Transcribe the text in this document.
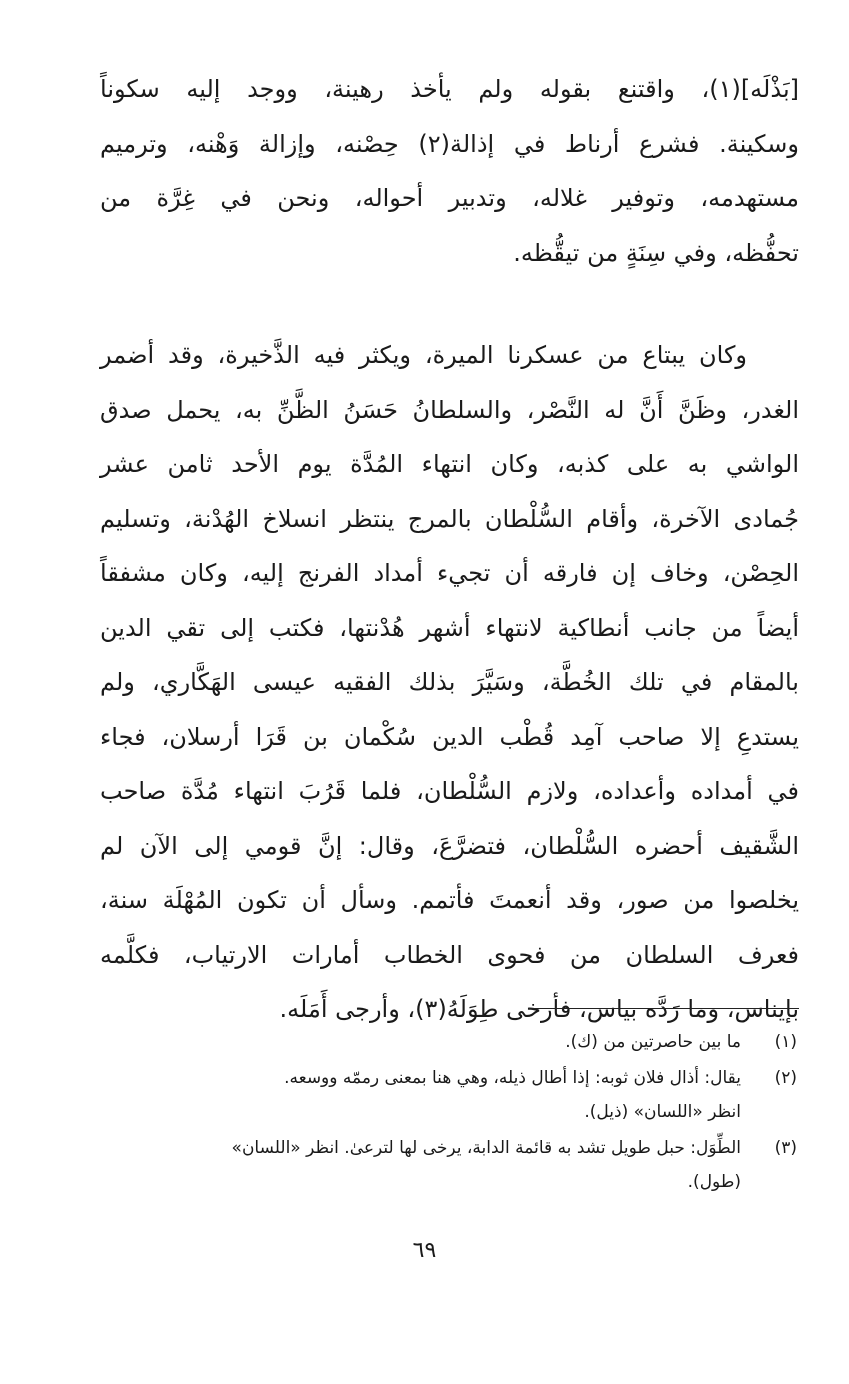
[بَذْلَه](١)، واقتنع بقوله ولم يأخذ رهينة، ووجد إليه سكوناً
وسكينة. فشرع أرناط في إذالة(٢) حِصْنه، وإزالة وَهْنه، وترميم
مستهدمه، وتوفير غلاله، وتدبير أحواله، ونحن في غِرَّة من
تحفُّظه، وفي سِنَةٍ من تيقُّظه.

وكان يبتاع من عسكرنا الميرة، ويكثر فيه الذَّخيرة، وقد أضمر
الغدر، وظَنَّ أَنَّ له النَّصْر، والسلطانُ حَسَنُ الظَّنِّ به، يحمل صدق
الواشي به على كذبه، وكان انتهاء المُدَّة يوم الأحد ثامن عشر
جُمادى الآخرة، وأقام السُّلْطان بالمرج ينتظر انسلاخ الهُدْنة، وتسليم
الحِصْن، وخاف إن فارقه أن تجيء أمداد الفرنج إليه، وكان مشفقاً
أيضاً من جانب أنطاكية لانتهاء أشهر هُدْنتها، فكتب إلى تقي الدين
بالمقام في تلك الخُطَّة، وسَيَّرَ بذلك الفقيه عيسى الهَكَّاري، ولم
يستدعِ إلا صاحب آمِد قُطْب الدين سُكْمان بن قَرَا أرسلان، فجاء
في أمداده وأعداده، ولازم السُّلْطان، فلما قَرُبَ انتهاء مُدَّة صاحب
الشَّقيف أحضره السُّلْطان، فتضرَّعَ، وقال: إنَّ قومي إلى الآن لم
يخلصوا من صور، وقد أنعمتَ فأتمم. وسأل أن تكون المُهْلَة سنة،
فعرف السلطان من فحوى الخطاب أمارات الارتياب، فكلَّمه
بإيناس، وما رَدَّه بياس، فأرخى طِوَلَهُ(٣)، وأرجى أَمَلَه.

(١)
ما بين حاصرتين من (ك).
(٢)
يقال: أذال فلان ثوبه: إذا أطال ذيله، وهي هنا بمعنى رممّه ووسعه.
انظر «اللسان» (ذيل).
(٣)
الطِّوَل: حبل طويل تشد به قائمة الدابة، يرخى لها لترعىٰ. انظر «اللسان»
(طول).
٦٩
